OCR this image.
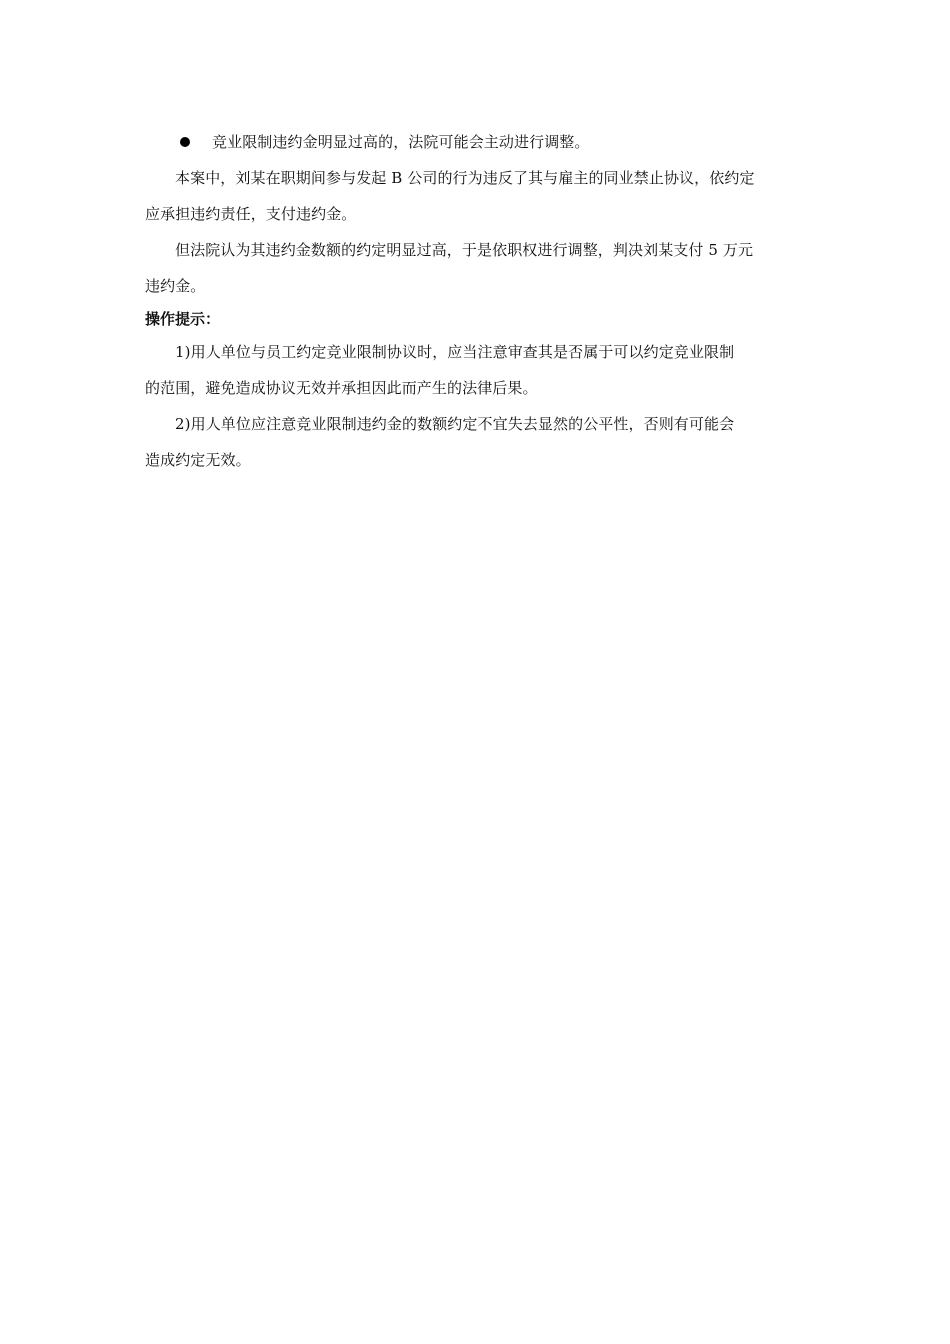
竞业限制违约金明显过高的，法院可能会主动进行调整。
本案中，刘某在职期间参与发起 B 公司的行为违反了其与雇主的同业禁止协议，依约定
应承担违约责任，支付违约金。
但法院认为其违约金数额的约定明显过高，于是依职权进行调整，判决刘某支付 5 万元
违约金。
操作提示：
1)用人单位与员工约定竞业限制协议时，应当注意审查其是否属于可以约定竞业限制
的范围，避免造成协议无效并承担因此而产生的法律后果。
2)用人单位应注意竞业限制违约金的数额约定不宜失去显然的公平性，否则有可能会
造成约定无效。
